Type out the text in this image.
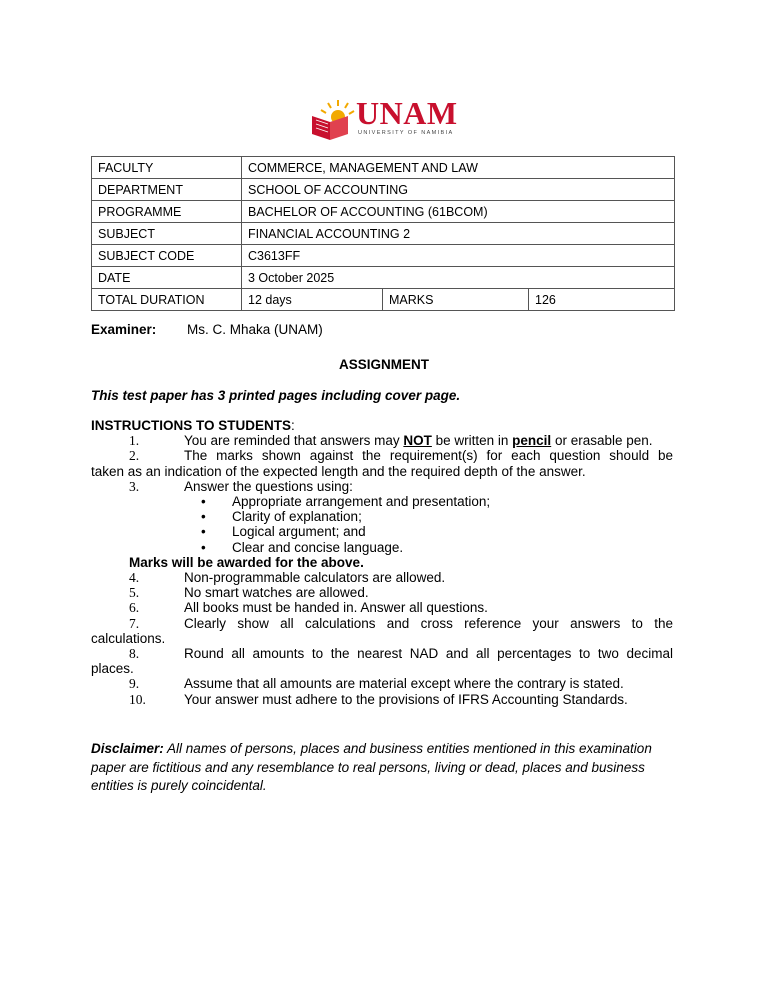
UNAM
UNIVERSITY OF NAMIBIA
FACULTY	COMMERCE, MANAGEMENT AND LAW		
DEPARTMENT	SCHOOL OF ACCOUNTING		
PROGRAMME	BACHELOR OF ACCOUNTING (61BCOM)		
SUBJECT	FINANCIAL ACCOUNTING 2		
SUBJECT CODE	C3613FF		
DATE	3 October 2025		
TOTAL DURATION	12 days	MARKS	126
Examiner: Ms. C. Mhaka (UNAM)
ASSIGNMENT
This test paper has 3 printed pages including cover page.
INSTRUCTIONS TO STUDENTS:
1.	You are reminded that answers may NOT be written in pencil or erasable pen.
2.	The marks shown against the requirement(s) for each question should be
taken as an indication of the expected length and the required depth of the answer.
3.	Answer the questions using:
• Appropriate arrangement and presentation;
• Clarity of explanation;
• Logical argument; and
• Clear and concise language.
Marks will be awarded for the above.
4.	Non-programmable calculators are allowed.
5.	No smart watches are allowed.
6.	All books must be handed in. Answer all questions.
7.	Clearly show all calculations and cross reference your answers to the
calculations.
8.	Round all amounts to the nearest NAD and all percentages to two decimal
places.
9.	Assume that all amounts are material except where the contrary is stated.
10.	Your answer must adhere to the provisions of IFRS Accounting Standards.
Disclaimer: All names of persons, places and business entities mentioned in this examination paper are fictitious and any resemblance to real persons, living or dead, places and business entities is purely coincidental.
